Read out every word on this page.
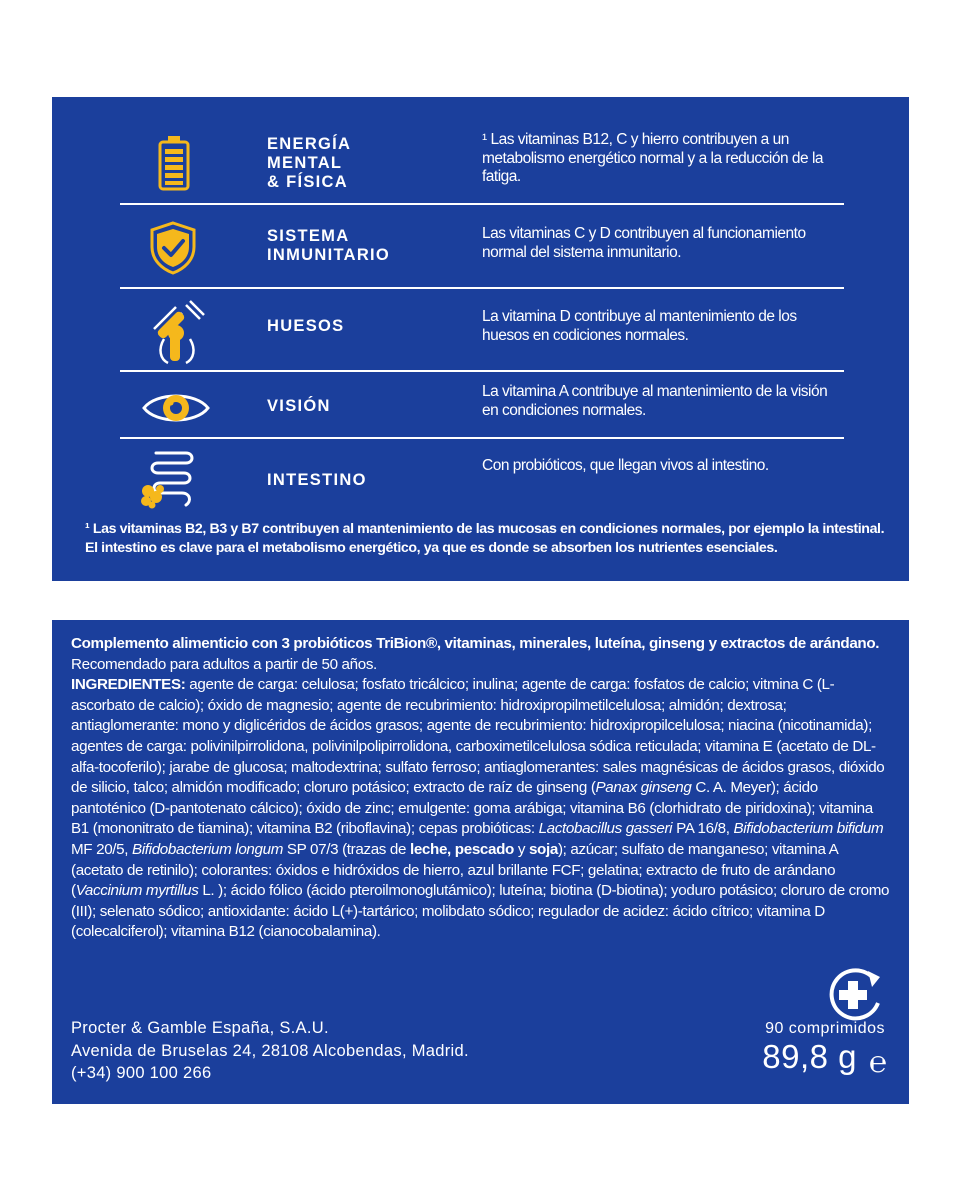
ENERGÍA
MENTAL
& FÍSICA
¹ Las vitaminas B12, C y hierro contribuyen a un metabolismo energético normal y a la reducción de la fatiga.
SISTEMA
INMUNITARIO
Las vitaminas C y D contribuyen al funcionamiento normal del sistema inmunitario.
HUESOS
La vitamina D contribuye al mantenimiento de los huesos en codiciones normales.
VISIÓN
La vitamina A contribuye al mantenimiento de la visión en condiciones normales.
INTESTINO
Con probióticos, que llegan vivos al intestino.
¹ Las vitaminas B2, B3 y B7 contribuyen al mantenimiento de las mucosas en condiciones normales, por ejemplo la intestinal. El intestino es clave para el metabolismo energético, ya que es donde se absorben los nutrientes esenciales.
Complemento alimenticio con 3 probióticos TriBion®, vitaminas, minerales, luteína, ginseng y extractos de arándano. Recomendado para adultos a partir de 50 años.
INGREDIENTES: agente de carga: celulosa; fosfato tricálcico; inulina; agente de carga: fosfatos de calcio; vitmina C (L-ascorbato de calcio); óxido de magnesio; agente de recubrimiento: hidroxipropilmetilcelulosa; almidón; dextrosa; antiaglomerante: mono y diglicéridos de ácidos grasos; agente de recubrimiento: hidroxipropilcelulosa; niacina (nicotinamida); agentes de carga: polivinilpirrolidona, polivinilpolipirrolidona, carboximetilcelulosa sódica reticulada; vitamina E (acetato de DL-alfa-tocoferilo); jarabe de glucosa; maltodextrina; sulfato ferroso; antiaglomerantes: sales magnésicas de ácidos grasos, dióxido de silicio, talco; almidón modificado; cloruro potásico; extracto de raíz de ginseng (Panax ginseng C. A. Meyer); ácido pantoténico (D-pantotenato cálcico); óxido de zinc; emulgente: goma arábiga; vitamina B6 (clorhidrato de piridoxina); vitamina B1 (mononitrato de tiamina); vitamina B2 (riboflavina); cepas probióticas: Lactobacillus gasseri PA 16/8, Bifidobacterium bifidum MF 20/5, Bifidobacterium longum SP 07/3 (trazas de leche, pescado y soja); azúcar; sulfato de manganeso; vitamina A (acetato de retinilo); colorantes: óxidos e hidróxidos de hierro, azul brillante FCF; gelatina; extracto de fruto de arándano (Vaccinium myrtillus L. ); ácido fólico (ácido pteroilmonoglutámico); luteína; biotina (D-biotina); yoduro potásico; cloruro de cromo (III); selenato sódico; antioxidante: ácido L(+)-tartárico; molibdato sódico; regulador de acidez: ácido cítrico; vitamina D (colecalciferol); vitamina B12 (cianocobalamina).
Procter & Gamble España, S.A.U.
Avenida de Bruselas 24, 28108 Alcobendas, Madrid.
(+34) 900 100 266
90 comprimidos
89,8 g ℮
